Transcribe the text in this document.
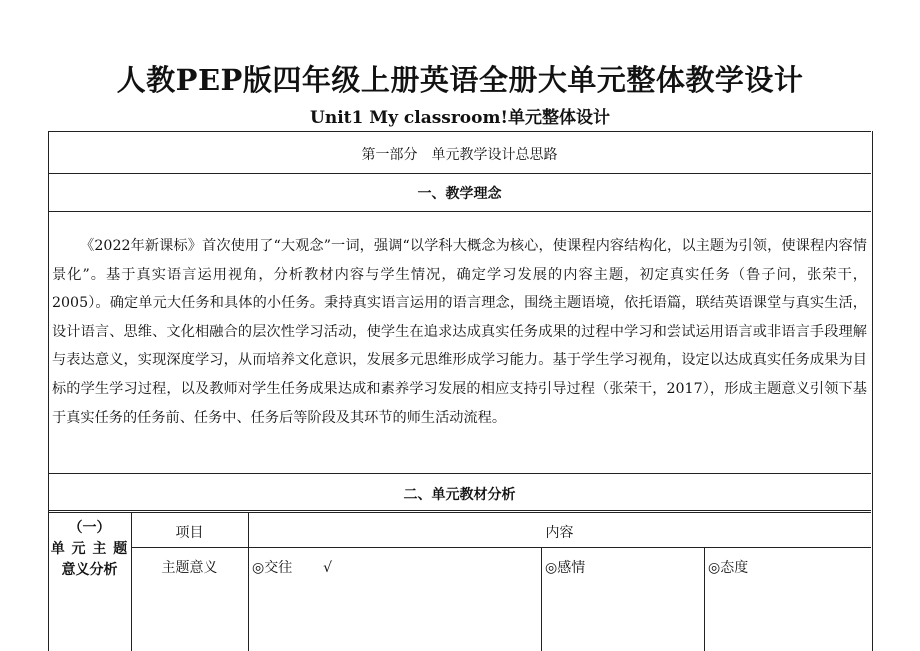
人教PEP版四年级上册英语全册大单元整体教学设计
Unit1 My classroom!单元整体设计
第一部分　单元教学设计总思路
一、教学理念
《2022年新课标》首次使用了“大观念”一词，强调“以学科大概念为核心，使课程内容结构化，以主题为引领，使课程内容情景化”。基于真实语言运用视角，分析教材内容与学生情况，确定学习发展的内容主题，初定真实任务（鲁子问，张荣干，2005）。确定单元大任务和具体的小任务。秉持真实语言运用的语言理念，围绕主题语境，依托语篇，联结英语课堂与真实生活，设计语言、思维、文化相融合的层次性学习活动，使学生在追求达成真实任务成果的过程中学习和尝试运用语言或非语言手段理解与表达意义，实现深度学习，从而培养文化意识，发展多元思维形成学习能力。基于学生学习视角，设定以达成真实任务成果为目标的学生学习过程，以及教师对学生任务成果达成和素养学习发展的相应支持引导过程（张荣干，2017），形成主题意义引领下基于真实任务的任务前、任务中、任务后等阶段及其环节的师生活动流程。
二、单元教材分析
（一）
单 元 主 题
意义分析
项目	内容
主题意义	◎交往 √	◎感情	◎态度
